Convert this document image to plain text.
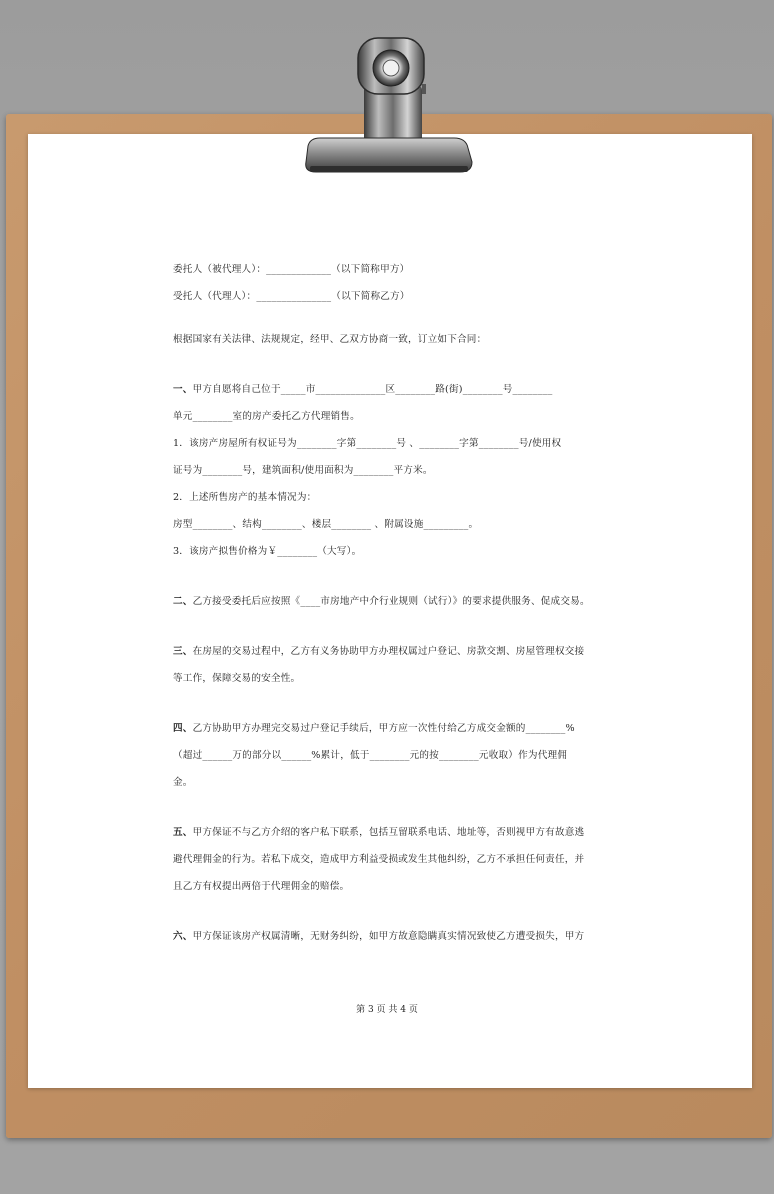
委托人（被代理人）：_____________（以下简称甲方）
受托人（代理人）：_______________（以下简称乙方）
根据国家有关法律、法规规定，经甲、乙双方协商一致，订立如下合同：
一、甲方自愿将自己位于_____市______________区________路(街)________号________
单元________室的房产委托乙方代理销售。
1．该房产房屋所有权证号为________字第________号 、________字第________号/使用权
证号为________号，建筑面积/使用面积为________平方米。
2．上述所售房产的基本情况为：
房型________、结构________、楼层________ 、附属设施_________。
3．该房产拟售价格为￥________（大写）。
二、乙方接受委托后应按照《____市房地产中介行业规则（试行）》的要求提供服务、促成交易。
三、在房屋的交易过程中，乙方有义务协助甲方办理权属过户登记、房款交割、房屋管理权交接
等工作，保障交易的安全性。
四、乙方协助甲方办理完交易过户登记手续后，甲方应一次性付给乙方成交金额的________%
（超过______万的部分以______%累计，低于________元的按________元收取）作为代理佣
金。
五、甲方保证不与乙方介绍的客户私下联系，包括互留联系电话、地址等，否则视甲方有故意逃
避代理佣金的行为。若私下成交，造成甲方利益受损或发生其他纠纷，乙方不承担任何责任，并
且乙方有权提出两倍于代理佣金的赔偿。
六、甲方保证该房产权属清晰，无财务纠纷，如甲方故意隐瞒真实情况致使乙方遭受损失，甲方
第 3 页 共 4 页
